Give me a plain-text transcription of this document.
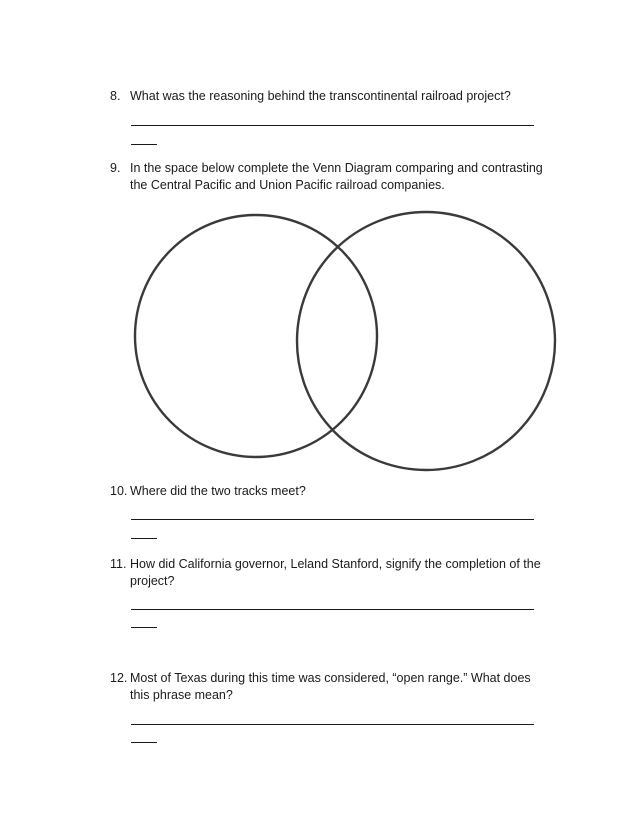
8. What was the reasoning behind the transcontinental railroad project?
9. In the space below complete the Venn Diagram comparing and contrasting the Central Pacific and Union Pacific railroad companies.
10. Where did the two tracks meet?
11. How did California governor, Leland Stanford, signify the completion of the project?
12. Most of Texas during this time was considered, “open range.” What does this phrase mean?
